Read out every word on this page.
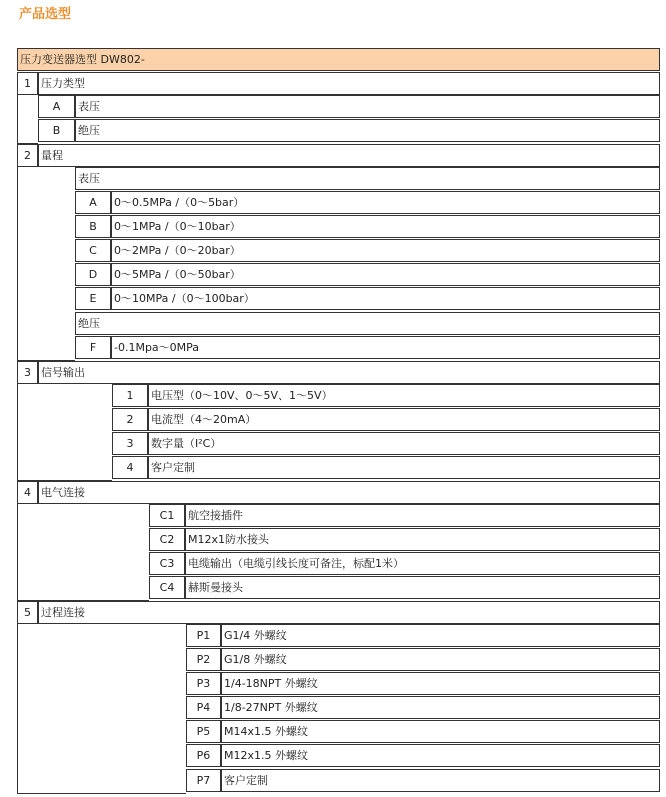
产品选型
压力变送器选型 DW802-
1 压力类型
A	表压
B	绝压
2 量程
表压
A	0～0.5MPa /（0～5bar）
B	0～1MPa /（0～10bar）
C	0～2MPa /（0～20bar）
D	0～5MPa /（0～50bar）
E	0～10MPa /（0～100bar）
绝压
F	-0.1Mpa～0MPa
3 信号输出
1	电压型（0～10V、0～5V、1～5V）
2	电流型（4～20mA）
3	数字量（I²C）
4	客户定制
4 电气连接
C1	航空接插件
C2	M12x1防水接头
C3	电缆输出（电缆引线长度可备注，标配1米）
C4	赫斯曼接头
5 过程连接
P1	G1/4 外螺纹
P2	G1/8 外螺纹
P3	1/4-18NPT 外螺纹
P4	1/8-27NPT 外螺纹
P5	M14x1.5 外螺纹
P6	M12x1.5 外螺纹
P7	客户定制
